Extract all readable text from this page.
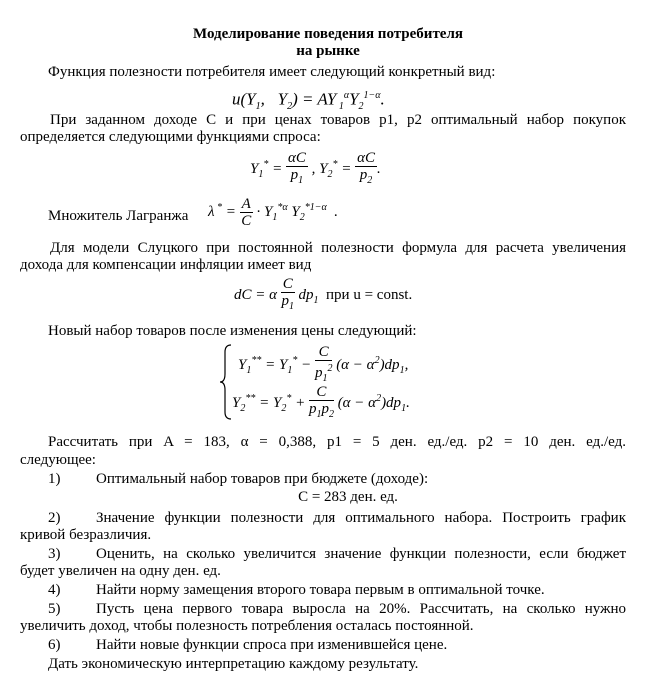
Моделирование поведения потребителя
на рынке
Функция полезности потребителя имеет следующий конкретный вид:
$u(Y_1$,   $Y_2$) = AY $_1^\alpha Y_2^{1-\alpha}$.
При заданном доходе C и при ценах товаров p1, p2 оптимальный набор покупок определяется следующими функциями спроса:
$Y_1^* = \frac{\alpha C}{p_1}$ , $Y_2^* = \frac{\alpha C}{p_2}$ .
Множитель Лагранжа λ $^* = \frac{A}{C} \cdot Y_1^{*\alpha}$ $Y_2^{*1-\alpha}$  .
Для модели Слуцкого при постоянной полезности формула для расчета увеличения дохода для компенсации инфляции имеет вид
dC = α $\frac{C}{p_1} dp_1$ при u = const.
Новый набор товаров после изменения цены следующий:
$Y_1^{**} = Y_1^* - \frac{C}{p_1^2} (\alpha - \alpha^2)dp_1$,
$Y_2^{**} = Y_2^* + \frac{C}{p_1p_2} (\alpha - \alpha^2)dp_1$.
Рассчитать при A = 183, α = 0,388, p1 = 5 ден. ед./ед. p2 = 10 ден. ед./ед.
следующее:
1) Оптимальный набор товаров при бюджете (доходе):
C = 283 ден. ед.
2)	Значение функции полезности для оптимального набора. Построить график кривой безразличия.
3)	Оценить, на сколько увеличится значение функции полезности, если бюджет будет увеличен на одну ден. ед.
4) Найти норму замещения второго товара первым в оптимальной точке.
5)	Пусть цена первого товара выросла на 20%. Рассчитать, на сколько нужно увеличить доход, чтобы полезность потребления осталась постоянной.
6) Найти новые функции спроса при изменившейся цене.
Дать экономическую интерпретацию каждому результату.
